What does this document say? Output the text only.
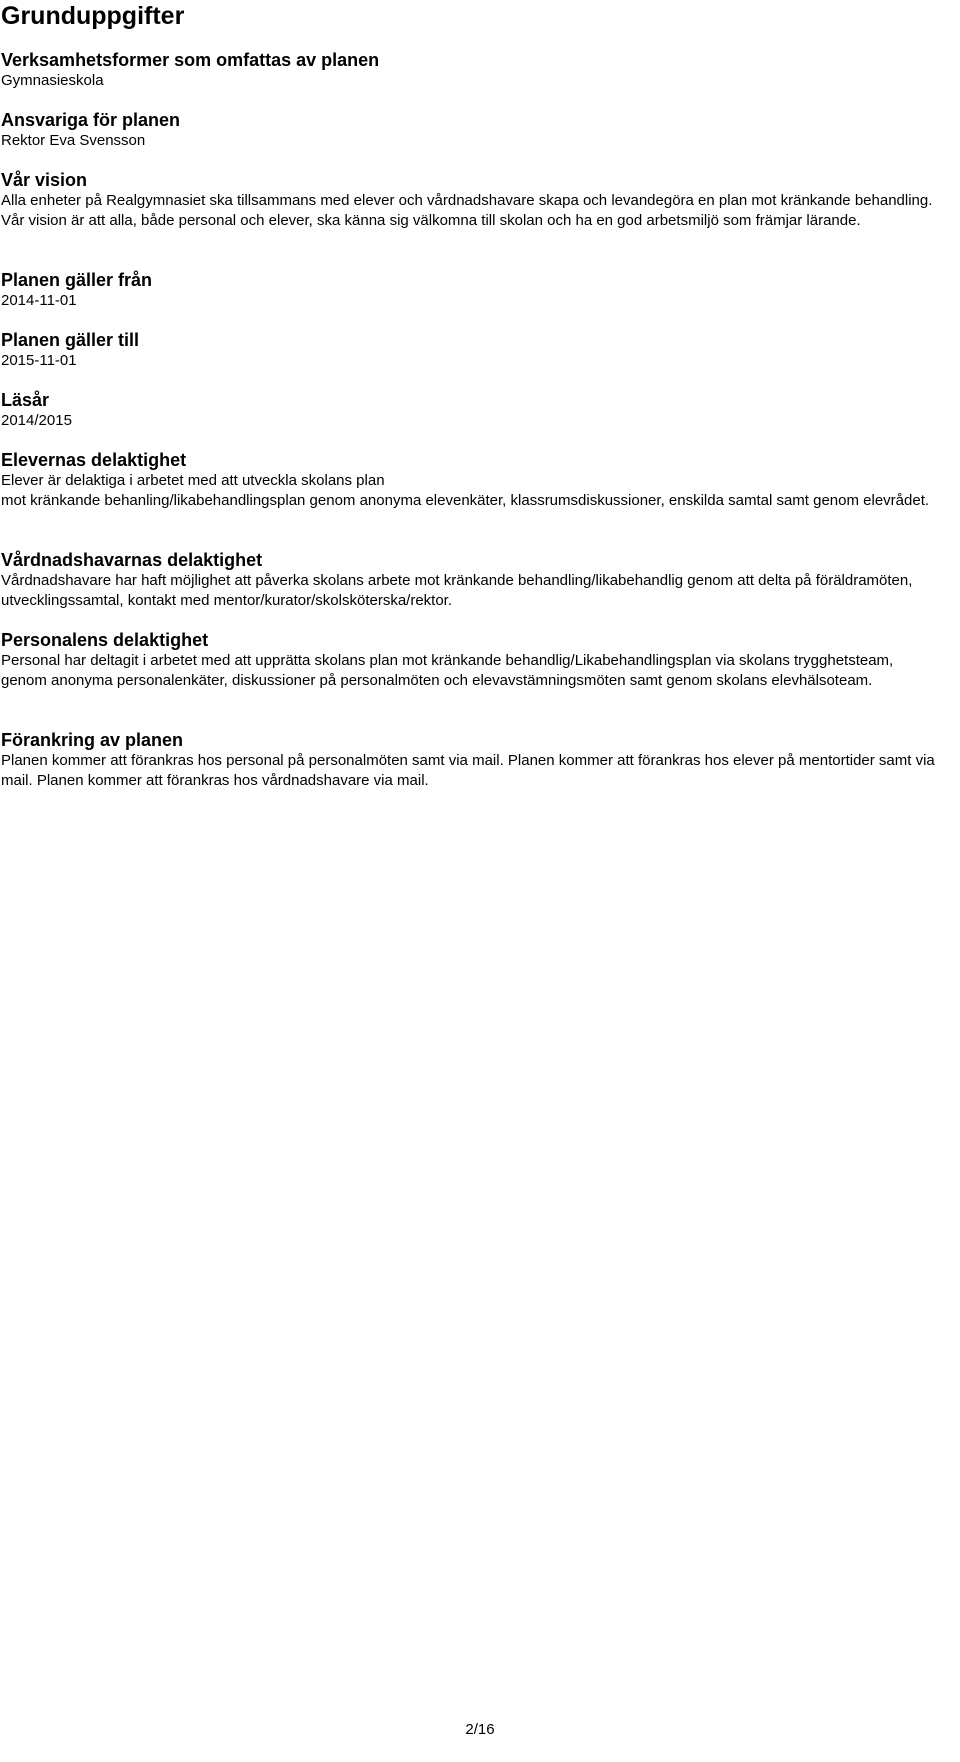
Grunduppgifter
Verksamhetsformer som omfattas av planen

Gymnasieskola

Ansvariga för planen

Rektor Eva Svensson

Vår vision

Alla enheter på Realgymnasiet ska tillsammans med elever och vårdnadshavare skapa och levandegöra en plan mot kränkande behandling. Vår vision är att alla, både personal och elever, ska känna sig välkomna till skolan och ha en god arbetsmiljö som främjar lärande.

Planen gäller från

2014-11-01

Planen gäller till

2015-11-01

Läsår

2014/2015

Elevernas delaktighet

Elever är delaktiga i arbetet med att utveckla skolans plan

mot kränkande behanling/likabehandlingsplan genom anonyma elevenkäter, klassrumsdiskussioner, enskilda samtal samt genom elevrådet.

Vårdnadshavarnas delaktighet

Vårdnadshavare har haft möjlighet att påverka skolans arbete mot kränkande behandling/likabehandlig genom att delta på föräldramöten, utvecklingssamtal, kontakt med mentor/kurator/skolsköterska/rektor.

Personalens delaktighet

Personal har deltagit i arbetet med att upprätta skolans plan mot kränkande behandlig/Likabehandlingsplan via skolans trygghetsteam, genom anonyma personalenkäter, diskussioner på personalmöten och elevavstämningsmöten samt genom skolans elevhälsoteam.

Förankring av planen

Planen kommer att förankras hos personal på personalmöten samt via mail. Planen kommer att förankras hos elever på mentortider samt via mail. Planen kommer att förankras hos vårdnadshavare via mail.

2/16
